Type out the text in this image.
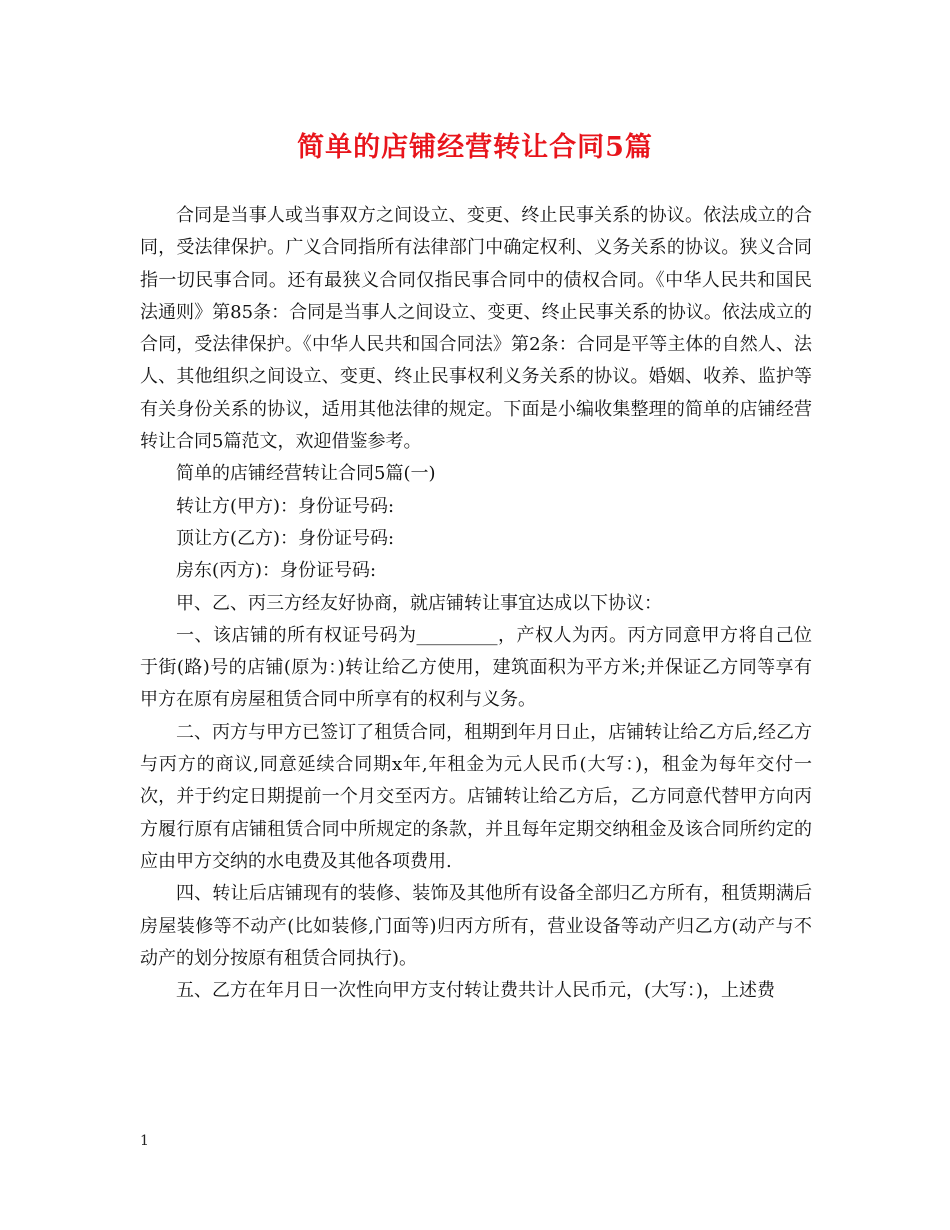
简单的店铺经营转让合同5篇

合同是当事人或当事双方之间设立、变更、终止民事关系的协议。依法成立的合同，受法律保护。广义合同指所有法律部门中确定权利、义务关系的协议。狭义合同指一切民事合同。还有最狭义合同仅指民事合同中的债权合同。《中华人民共和国民法通则》第85条：合同是当事人之间设立、变更、终止民事关系的协议。依法成立的合同，受法律保护。《中华人民共和国合同法》第2条：合同是平等主体的自然人、法人、其他组织之间设立、变更、终止民事权利义务关系的协议。婚姻、收养、监护等有关身份关系的协议，适用其他法律的规定。下面是小编收集整理的简单的店铺经营转让合同5篇范文，欢迎借鉴参考。

简单的店铺经营转让合同5篇(一)

转让方(甲方)：身份证号码:

顶让方(乙方)：身份证号码:

房东(丙方)：身份证号码:

甲、乙、丙三方经友好协商，就店铺转让事宜达成以下协议：

一、该店铺的所有权证号码为_________，产权人为丙。丙方同意甲方将自己位于街(路)号的店铺(原为：)转让给乙方使用，建筑面积为平方米;并保证乙方同等享有甲方在原有房屋租赁合同中所享有的权利与义务。

二、丙方与甲方已签订了租赁合同，租期到年月日止，店铺转让给乙方后,经乙方与丙方的商议,同意延续合同期x年,年租金为元人民币(大写：)，租金为每年交付一次，并于约定日期提前一个月交至丙方。店铺转让给乙方后，乙方同意代替甲方向丙方履行原有店铺租赁合同中所规定的条款，并且每年定期交纳租金及该合同所约定的应由甲方交纳的水电费及其他各项费用.

四、转让后店铺现有的装修、装饰及其他所有设备全部归乙方所有，租赁期满后房屋装修等不动产(比如装修,门面等)归丙方所有，营业设备等动产归乙方(动产与不动产的划分按原有租赁合同执行)。

五、乙方在年月日一次性向甲方支付转让费共计人民币元，(大写：)，上述费

1
